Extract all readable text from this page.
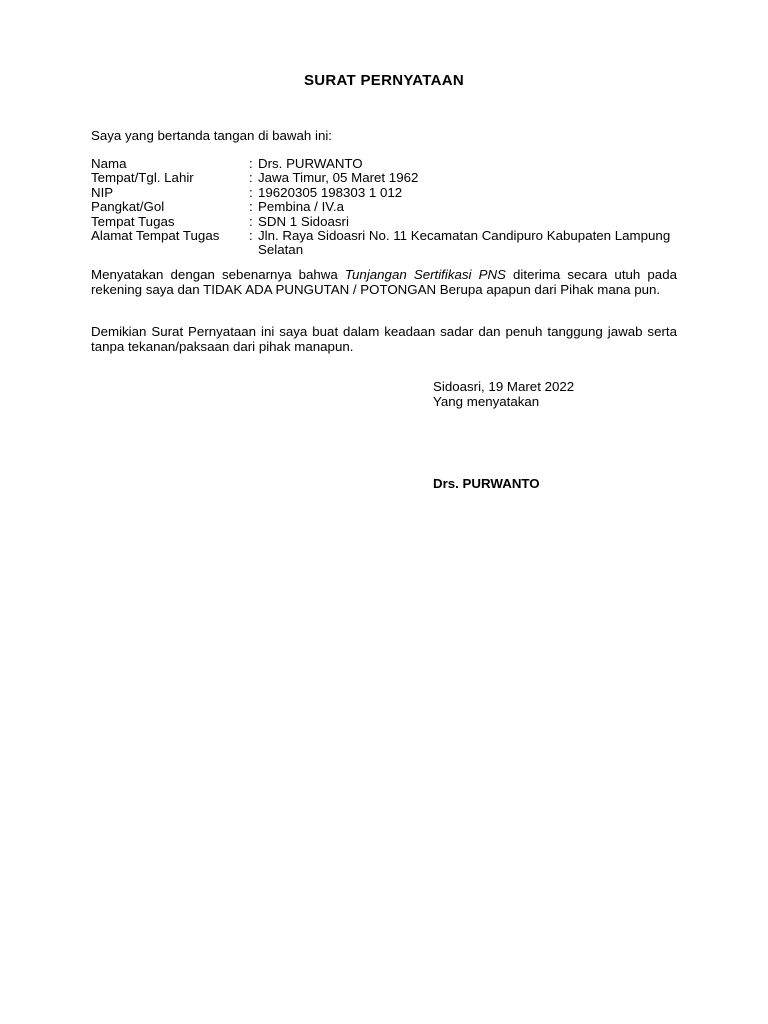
SURAT PERNYATAAN
Saya yang bertanda tangan di bawah ini:
Nama	: Drs. PURWANTO
Tempat/Tgl. Lahir	: Jawa Timur, 05 Maret 1962
NIP	: 19620305 198303 1 012
Pangkat/Gol	: Pembina / IV.a
Tempat Tugas	: SDN 1 Sidoasri
Alamat Tempat Tugas	: Jln. Raya Sidoasri No. 11 Kecamatan Candipuro Kabupaten Lampung Selatan
Menyatakan dengan sebenarnya bahwa Tunjangan Sertifikasi PNS diterima secara utuh pada rekening saya dan TIDAK ADA PUNGUTAN / POTONGAN Berupa apapun dari Pihak mana pun.
Demikian Surat Pernyataan ini saya buat dalam keadaan sadar dan penuh tanggung jawab serta tanpa tekanan/paksaan dari pihak manapun.
Sidoasri, 19 Maret 2022
Yang menyatakan
Drs. PURWANTO
